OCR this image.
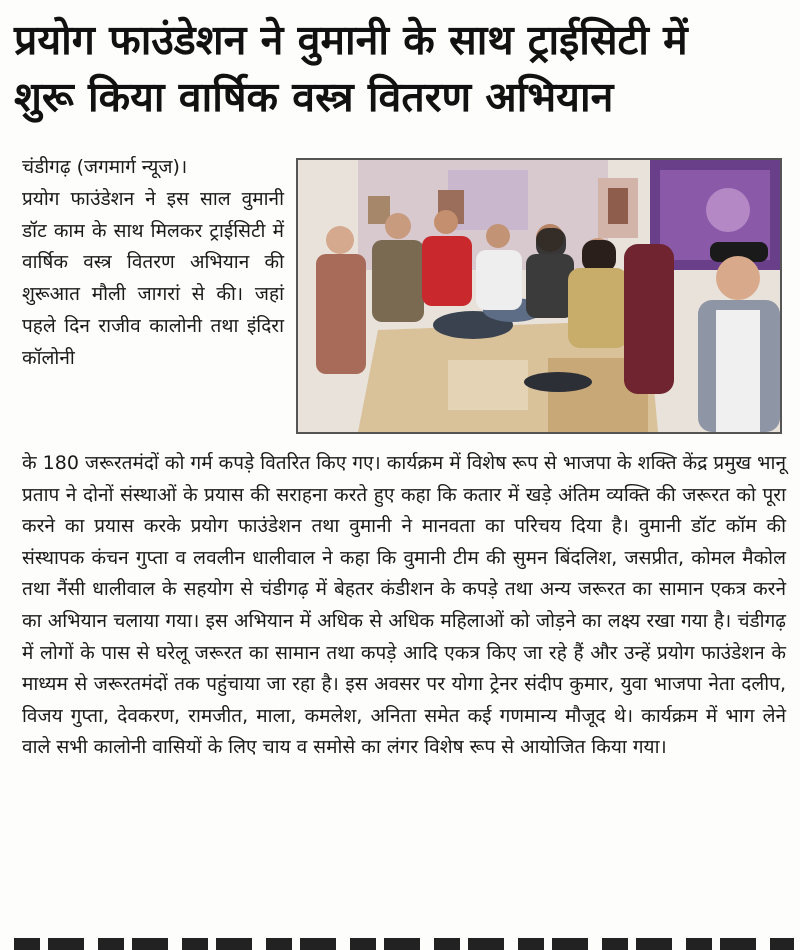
प्रयोग फाउंडेशन ने वुमानी के साथ ट्राईसिटी में
शुरू किया वार्षिक वस्त्र वितरण अभियान
चंडीगढ़ (जगमार्ग न्यूज)।

प्रयोग फाउंडेशन ने इस साल वुमानी डॉट काम के साथ मिलकर ट्राईसिटी में वार्षिक वस्त्र वितरण अभियान की शुरूआत मौली जागरां से की। जहां पहले दिन राजीव कालोनी तथा इंदिरा कॉलोनी

के 180 जरूरतमंदों को गर्म कपड़े वितरित किए गए। कार्यक्रम में विशेष रूप से भाजपा के शक्ति केंद्र प्रमुख भानू प्रताप ने दोनों संस्थाओं के प्रयास की सराहना करते हुए कहा कि कतार में खड़े अंतिम व्यक्ति की जरूरत को पूरा करने का प्रयास करके प्रयोग फाउंडेशन तथा वुमानी ने मानवता का परिचय दिया है। वुमानी डॉट कॉम की संस्थापक कंचन गुप्ता व लवलीन धालीवाल ने कहा कि वुमानी टीम की सुमन बिंदलिश, जसप्रीत, कोमल मैकोल तथा नैंसी धालीवाल के सहयोग से चंडीगढ़ में बेहतर कंडीशन के कपड़े तथा अन्य जरूरत का सामान एकत्र करने का अभियान चलाया गया। इस अभियान में अधिक से अधिक महिलाओं को जोड़ने का लक्ष्य रखा गया है। चंडीगढ़ में लोगों के पास से घरेलू जरूरत का सामान तथा कपड़े आदि एकत्र किए जा रहे हैं और उन्हें प्रयोग फाउंडेशन के माध्यम से जरूरतमंदों तक पहुंचाया जा रहा है। इस अवसर पर योगा ट्रेनर संदीप कुमार, युवा भाजपा नेता दलीप, विजय गुप्ता, देवकरण, रामजीत, माला, कमलेश, अनिता समेत कई गणमान्य मौजूद थे। कार्यक्रम में भाग लेने वाले सभी कालोनी वासियों के लिए चाय व समोसे का लंगर विशेष रूप से आयोजित किया गया।
